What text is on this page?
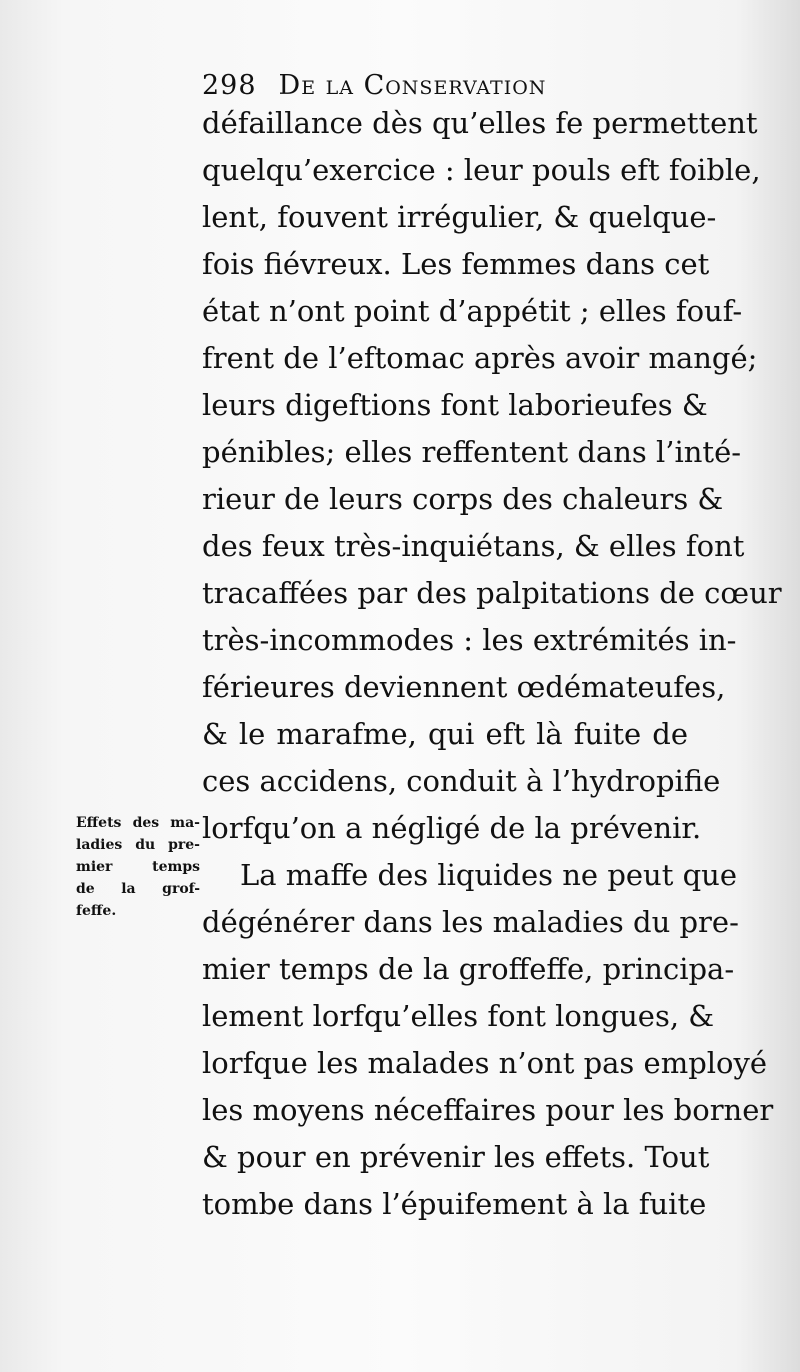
298 De la Conservation
défaillance dès qu’elles fe permettent
quelqu’exercice : leur pouls eft foible,
lent, fouvent irrégulier, & quelque-
fois fiévreux. Les femmes dans cet
état n’ont point d’appétit ; elles fouf-
frent de l’eftomac après avoir mangé;
leurs digeftions font laborieufes &
pénibles; elles reffentent dans l’inté-
rieur de leurs corps des chaleurs &
des feux très-inquiétans, & elles font
tracaffées par des palpitations de cœur
très-incommodes : les extrémités in-
férieures deviennent œdémateufes,
& le marafme, qui eft là fuite de
ces accidens, conduit à l’hydropifie
lorfqu’on a négligé de la prévenir.
La maffe des liquides ne peut que
dégénérer dans les maladies du pre-
mier temps de la groffeffe, principa-
lement lorfqu’elles font longues, &
lorfque les malades n’ont pas employé
les moyens néceffaires pour les borner
& pour en prévenir les effets. Tout
tombe dans l’épuifement à la fuite
Effets des ma-
ladies du pre-
mier temps
de la grof-
feffe.
